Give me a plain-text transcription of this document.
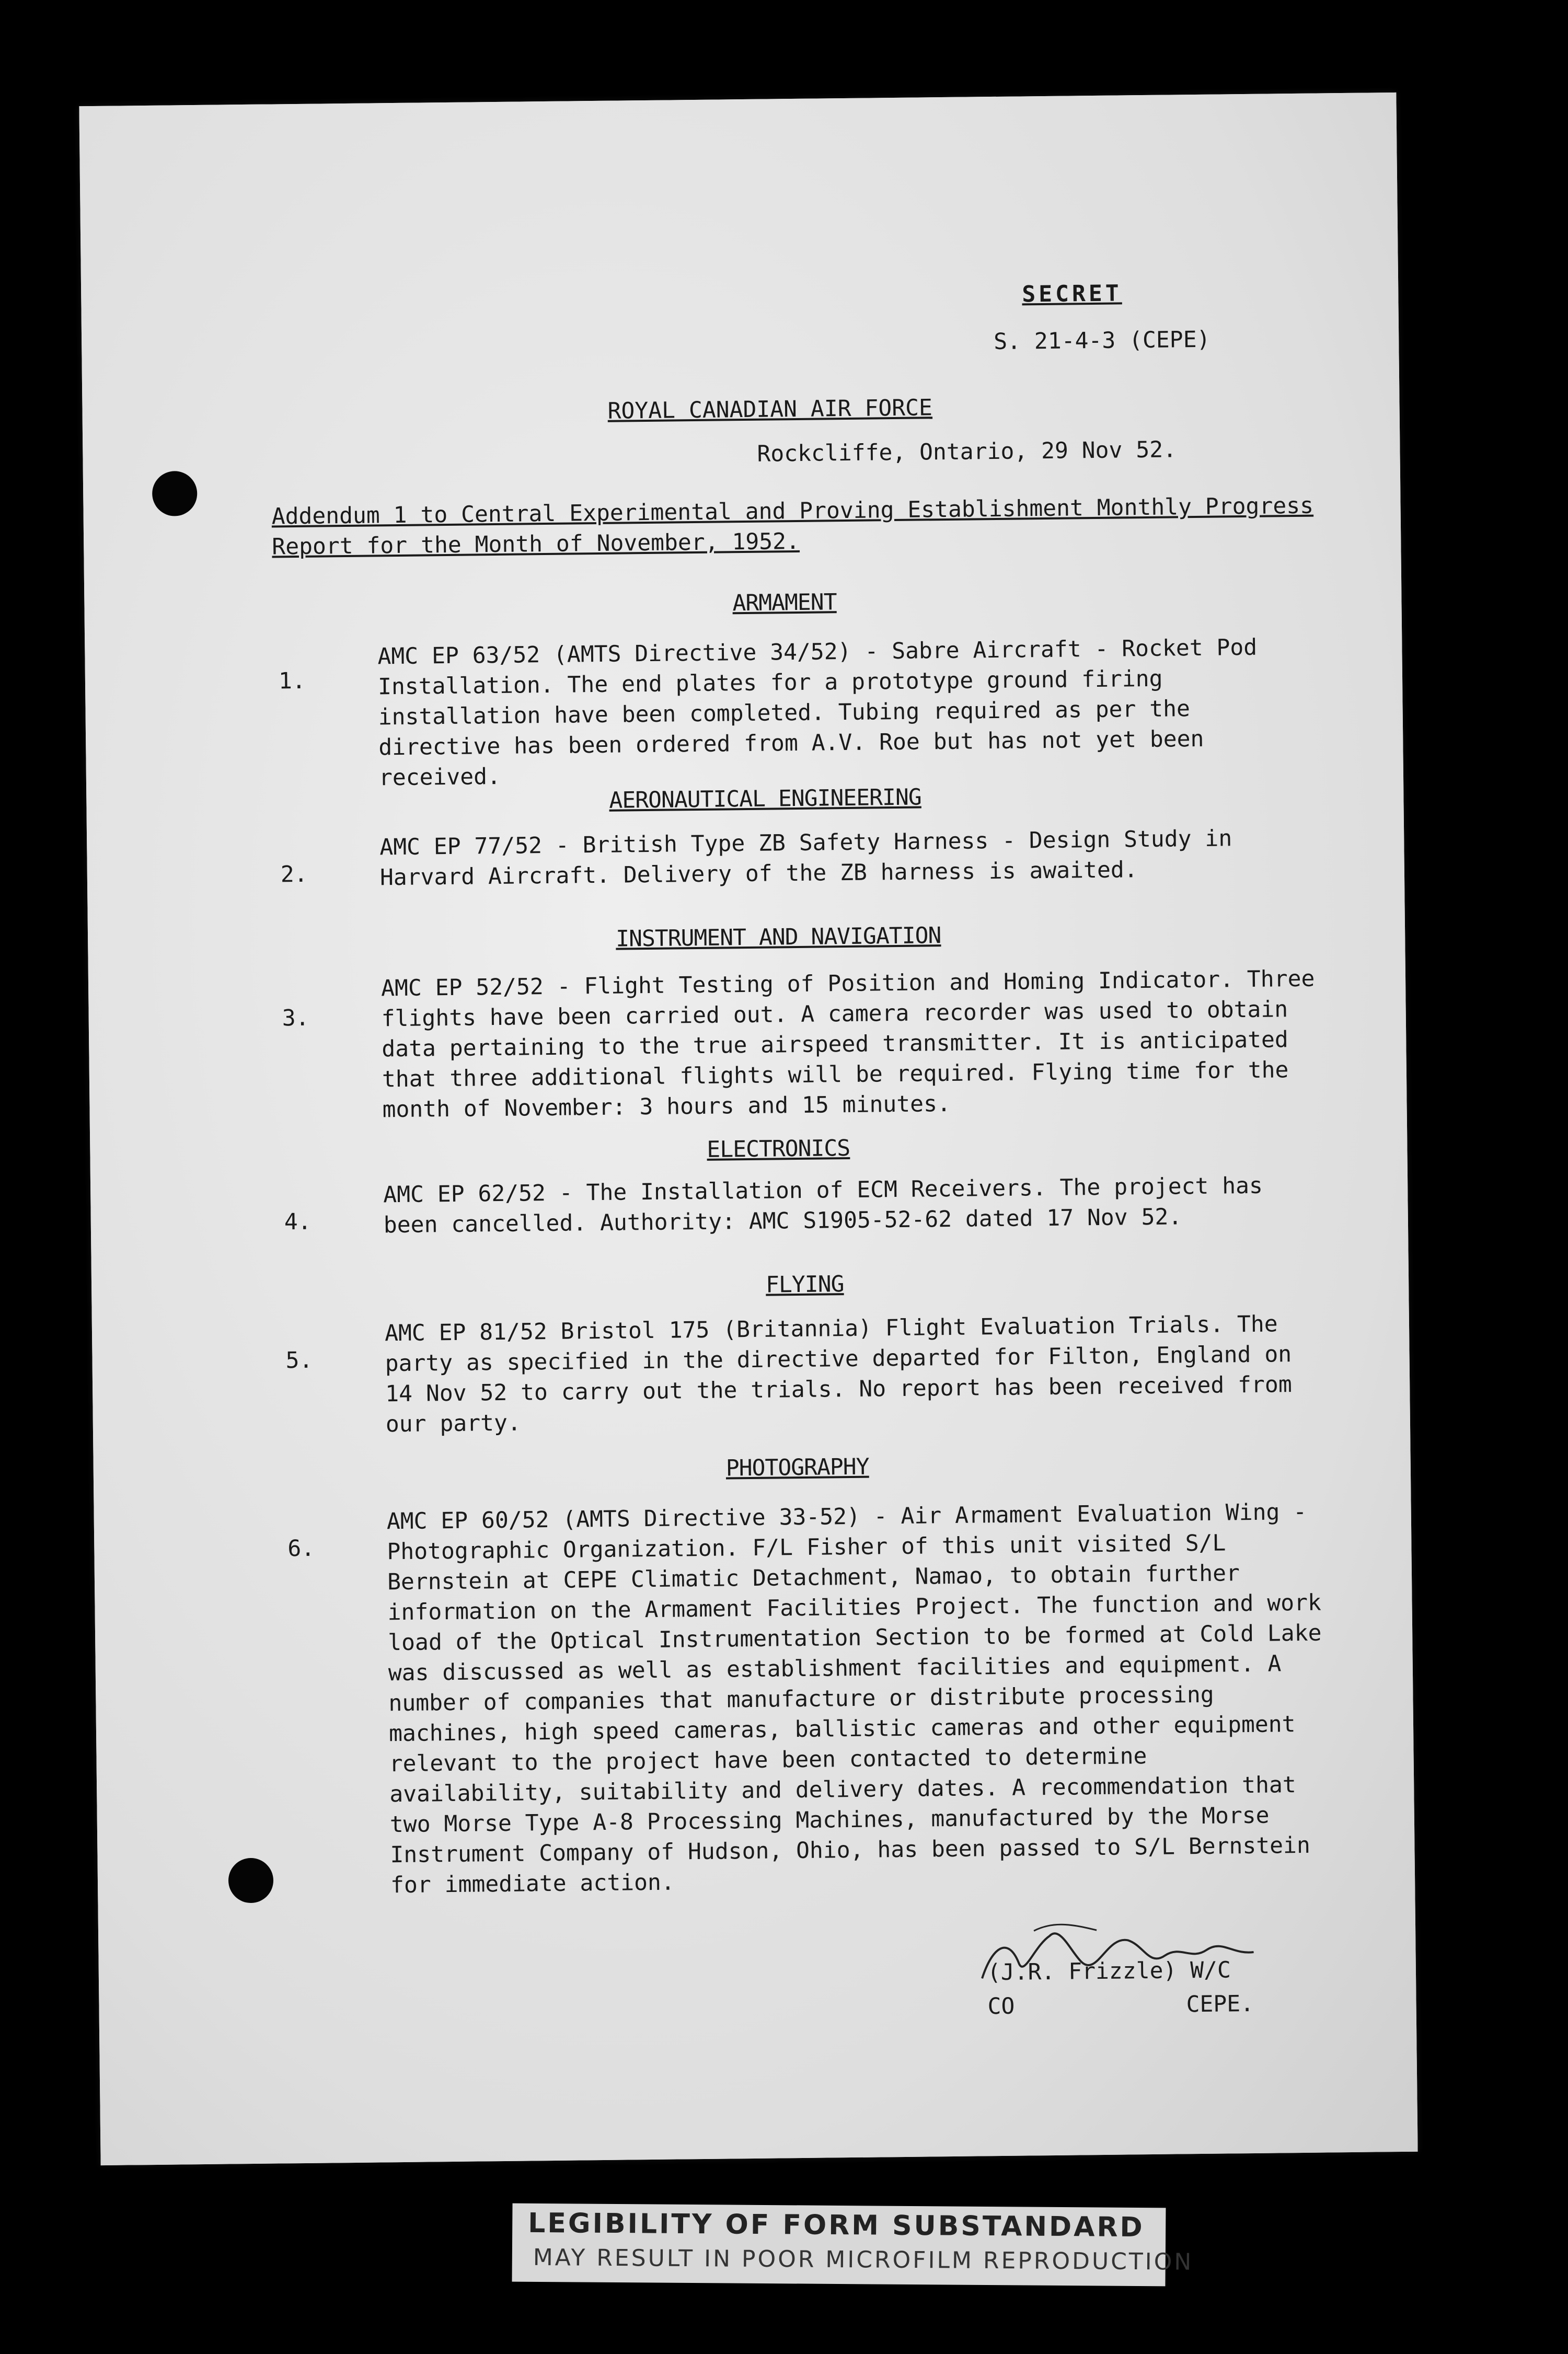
SECRET
S. 21-4-3 (CEPE)
ROYAL CANADIAN AIR FORCE
Rockcliffe, Ontario, 29 Nov 52.
Addendum 1 to Central Experimental and Proving Establishment Monthly Progress Report for the Month of November, 1952.
ARMAMENT
1.
AMC EP 63/52 (AMTS Directive 34/52) - Sabre Aircraft - Rocket Pod Installation. The end plates for a prototype ground firing installation have been completed. Tubing required as per the directive has been ordered from A.V. Roe but has not yet been received.
AERONAUTICAL ENGINEERING
2.
AMC EP 77/52 - British Type ZB Safety Harness - Design Study in Harvard Aircraft. Delivery of the ZB harness is awaited.
INSTRUMENT AND NAVIGATION
3.
AMC EP 52/52 - Flight Testing of Position and Homing Indicator. Three flights have been carried out. A camera recorder was used to obtain data pertaining to the true airspeed transmitter. It is anticipated that three additional flights will be required. Flying time for the month of November: 3 hours and 15 minutes.
ELECTRONICS
4.
AMC EP 62/52 - The Installation of ECM Receivers. The project has been cancelled. Authority: AMC S1905-52-62 dated 17 Nov 52.
FLYING
5.
AMC EP 81/52 Bristol 175 (Britannia) Flight Evaluation Trials. The party as specified in the directive departed for Filton, England on 14 Nov 52 to carry out the trials. No report has been received from our party.
PHOTOGRAPHY
6.
AMC EP 60/52 (AMTS Directive 33-52) - Air Armament Evaluation Wing - Photographic Organization. F/L Fisher of this unit visited S/L Bernstein at CEPE Climatic Detachment, Namao, to obtain further information on the Armament Facilities Project. The function and work load of the Optical Instrumentation Section to be formed at Cold Lake was discussed as well as establishment facilities and equipment. A number of companies that manufacture or distribute processing machines, high speed cameras, ballistic cameras and other equipment relevant to the project have been contacted to determine availability, suitability and delivery dates. A recommendation that two Morse Type A-8 Processing Machines, manufactured by the Morse Instrument Company of Hudson, Ohio, has been passed to S/L Bernstein for immediate action.
(J.R. Frizzle) W/C
CO	CEPE.
LEGIBILITY OF FORM SUBSTANDARD
MAY RESULT IN POOR MICROFILM REPRODUCTION
